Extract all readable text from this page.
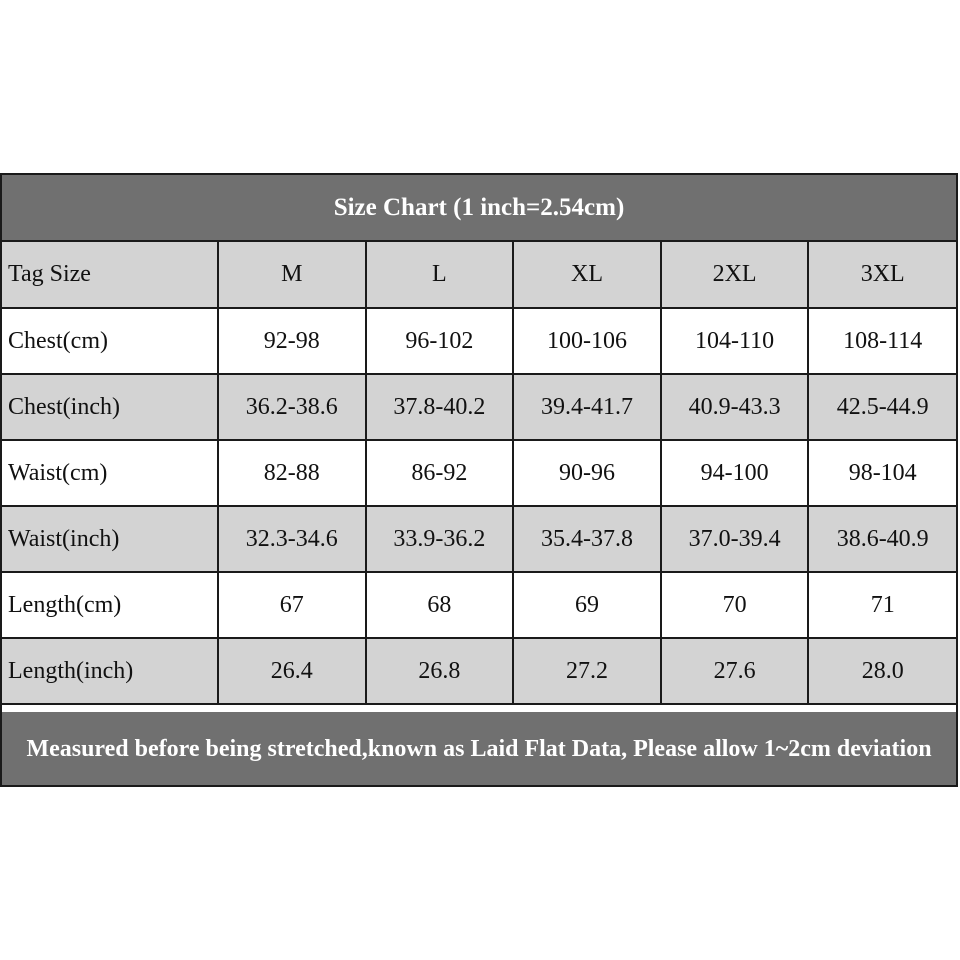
Size Chart (1 inch=2.54cm)
Tag Size	M	L	XL	2XL	3XL
Chest(cm)	92-98	96-102	100-106	104-110	108-114
Chest(inch)	36.2-38.6	37.8-40.2	39.4-41.7	40.9-43.3	42.5-44.9
Waist(cm)	82-88	86-92	90-96	94-100	98-104
Waist(inch)	32.3-34.6	33.9-36.2	35.4-37.8	37.0-39.4	38.6-40.9
Length(cm)	67	68	69	70	71
Length(inch)	26.4	26.8	27.2	27.6	28.0
Measured before being stretched,known as Laid Flat Data, Please allow 1~2cm deviation
